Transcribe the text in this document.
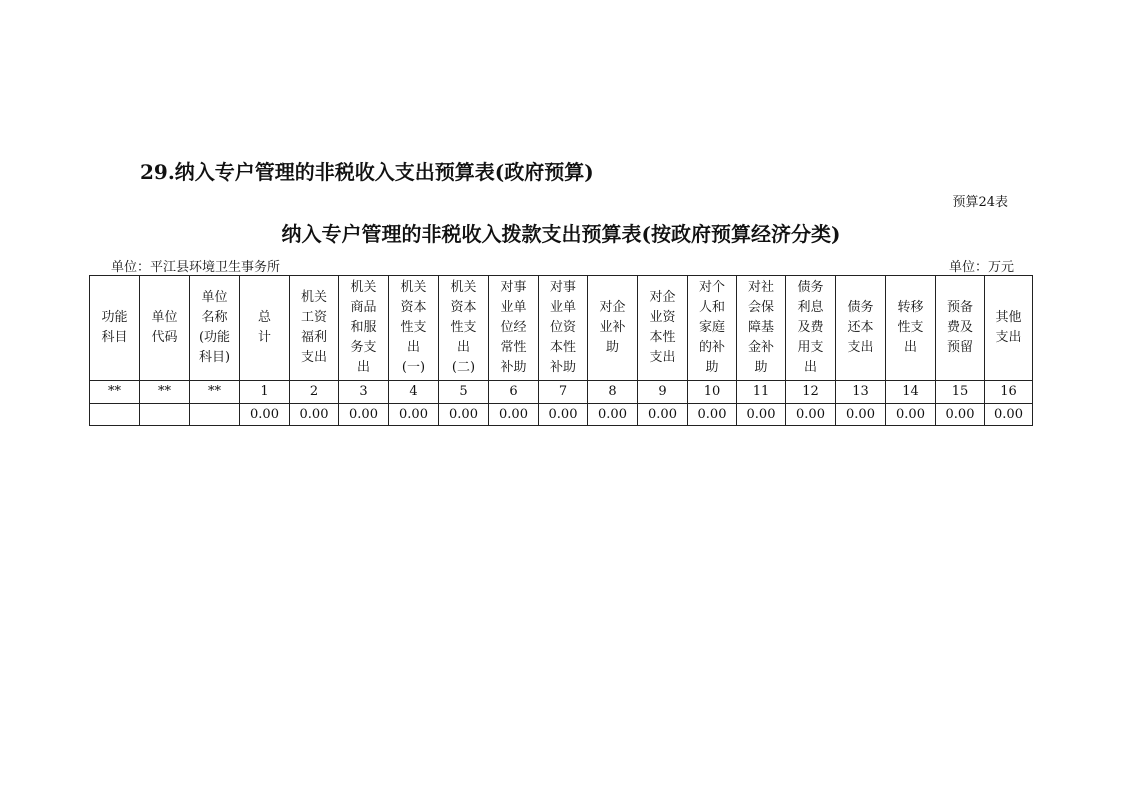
29.纳入专户管理的非税收入支出预算表(政府预算)
预算24表
纳入专户管理的非税收入拨款支出预算表(按政府预算经济分类)
单位：平江县环境卫生事务所	单位：万元
功能科目	单位代码	单位名称(功能科目)	总计	机关工资福利支出	机关商品和服务支出	机关资本性支出(一)	机关资本性支出(二)	对事业单位经常性补助	对事业单位资本性补助	对企业补助	对企业资本性支出	对个人和家庭的补助	对社会保障基金补助	债务利息及费用支出	债务还本支出	转移性支出	预备费及预留	其他支出
**	**	**	1	2	3	4	5	6	7	8	9	10	11	12	13	14	15	16
			0.00	0.00	0.00	0.00	0.00	0.00	0.00	0.00	0.00	0.00	0.00	0.00	0.00	0.00	0.00	0.00
